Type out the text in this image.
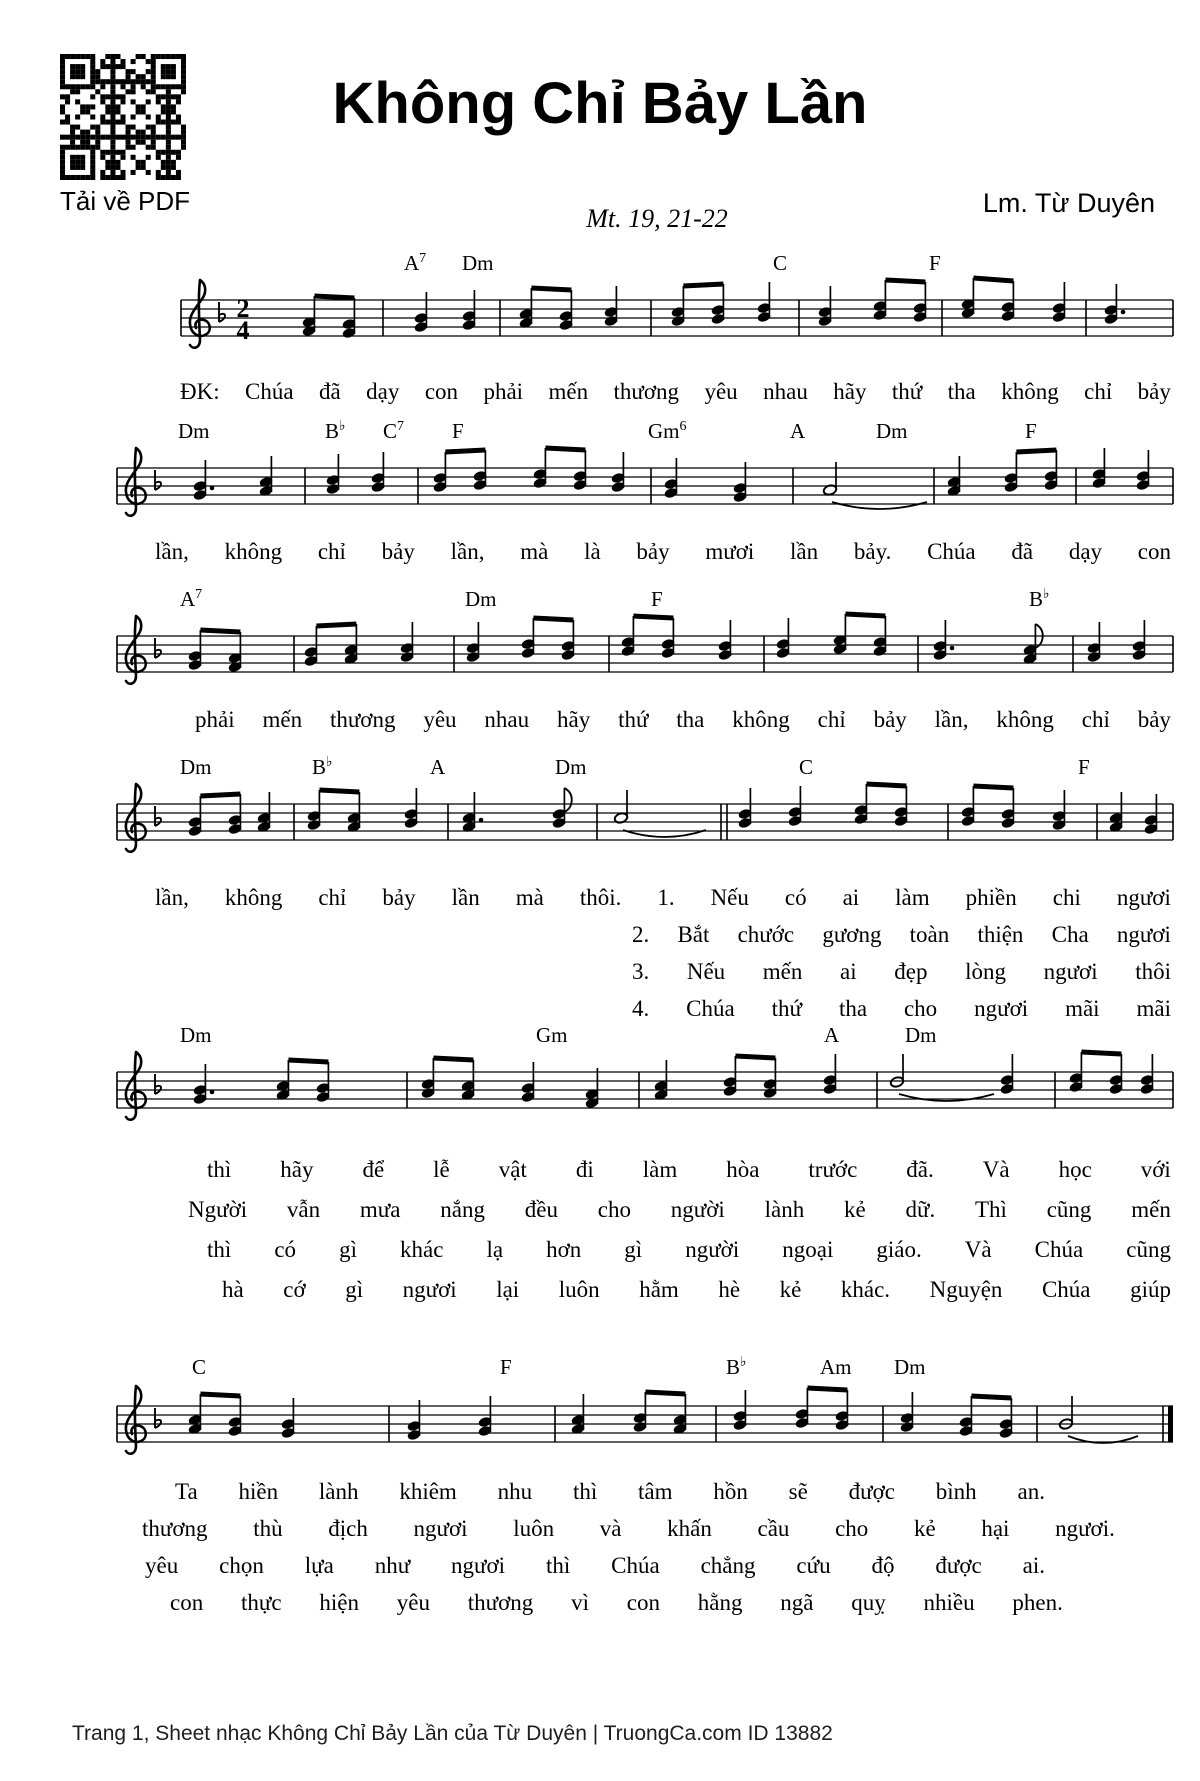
Tải về PDF
Không Chỉ Bảy Lần
Lm. Từ Duyên
Mt. 19, 21-22
$A^7$ Dm	C	F
2
4
ĐK: Chúa đã dạy con phải mến thương yêu nhau hãy thứ tha không chỉ bảy
Dm	B♭ $C^7$ F	Gm$^6$	A	Dm	F
lần, không chỉ bảy lần, mà là bảy mươi lần bảy. Chúa đã dạy con
$A^7$	Dm	F	B♭
phải mến thương yêu nhau hãy thứ tha không chỉ bảy lần, không chỉ bảy
Dm	B♭	A	Dm	C	F
lần, không chỉ bảy lần mà thôi. 1. Nếu có ai làm phiền chi ngươi
2. Bắt chước gương toàn thiện Cha ngươi
3. Nếu mến ai đẹp lòng ngươi thôi
4. Chúa thứ tha cho ngươi mãi mãi
Dm	Gm	A	Dm
thì hãy để lễ vật đi làm hòa trước đã. Và học với
Người vẫn mưa nắng đều cho người lành kẻ dữ. Thì cũng mến
thì có gì khác lạ hơn gì người ngoại giáo. Và Chúa cũng
hà cớ gì ngươi lại luôn hằm hè kẻ khác. Nguyện Chúa giúp
C	F	B♭	Am Dm
Ta hiền lành khiêm nhu thì tâm hồn sẽ được bình an.
thương thù địch ngươi luôn và khấn cầu cho kẻ hại ngươi.
yêu chọn lựa như ngươi thì Chúa chẳng cứu độ được ai.
con thực hiện yêu thương vì con hằng ngã quỵ nhiều phen.
Trang 1, Sheet nhạc Không Chỉ Bảy Lần của Từ Duyên | TruongCa.com ID 13882
